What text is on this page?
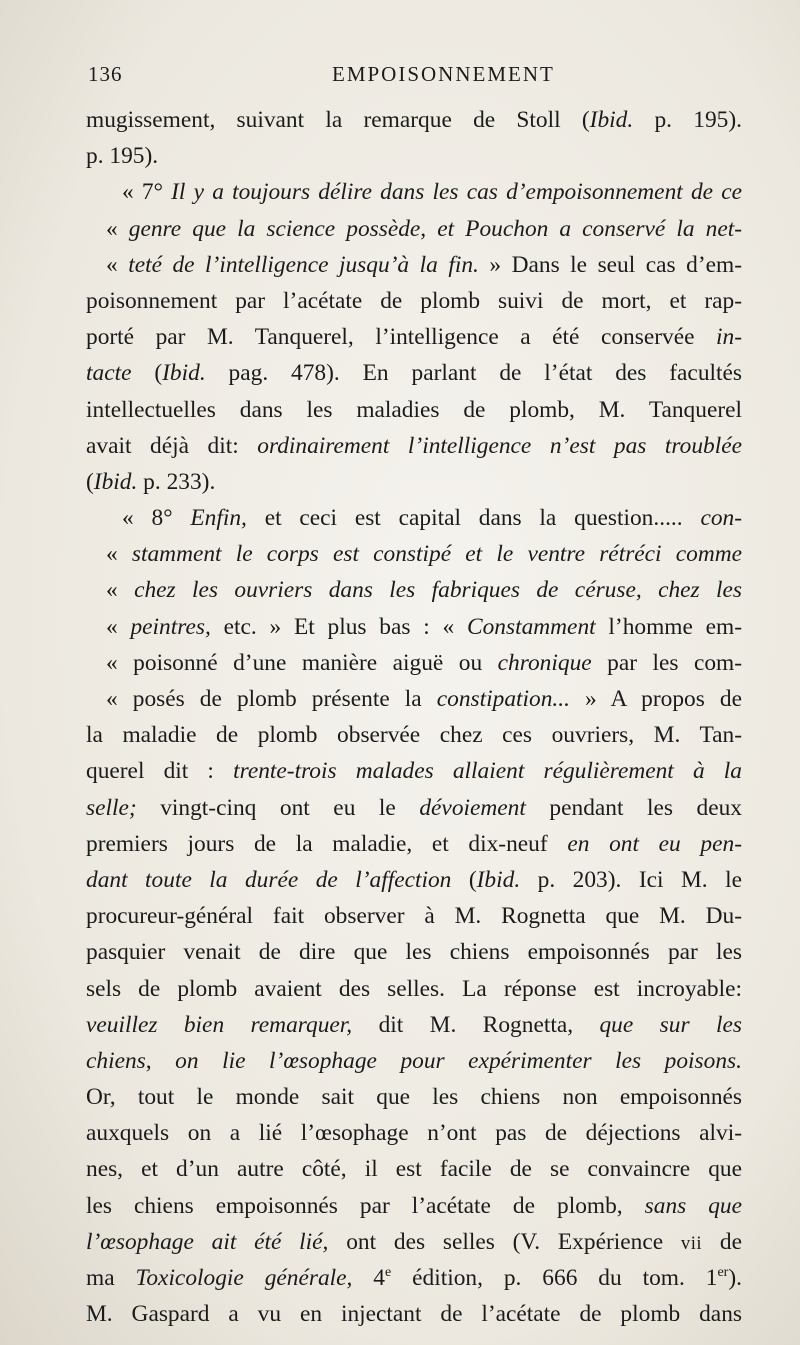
136	EMPOISONNEMENT
mugissement, suivant la remarque de Stoll (Ibid. p. 195).
p. 195).
« 7° Il y a toujours délire dans les cas d’empoisonnement de ce
« genre que la science possède, et Pouchon a conservé la net-
« teté de l’intelligence jusqu’à la fin. » Dans le seul cas d’em-
poisonnement par l’acétate de plomb suivi de mort, et rap-
porté par M. Tanquerel, l’intelligence a été conservée in-
tacte (Ibid. pag. 478). En parlant de l’état des facultés
intellectuelles dans les maladies de plomb, M. Tanquerel
avait déjà dit: ordinairement l’intelligence n’est pas troublée
(Ibid. p. 233).
« 8° Enfin, et ceci est capital dans la question..... con-
« stamment le corps est constipé et le ventre rétréci comme
« chez les ouvriers dans les fabriques de céruse, chez les
« peintres, etc. » Et plus bas : « Constamment l’homme em-
« poisonné d’une manière aiguë ou chronique par les com-
« posés de plomb présente la constipation... » A propos de
la maladie de plomb observée chez ces ouvriers, M. Tan-
querel dit : trente-trois malades allaient régulièrement à la
selle; vingt-cinq ont eu le dévoiement pendant les deux
premiers jours de la maladie, et dix-neuf en ont eu pen-
dant toute la durée de l’affection (Ibid. p. 203). Ici M. le
procureur-général fait observer à M. Rognetta que M. Du-
pasquier venait de dire que les chiens empoisonnés par les
sels de plomb avaient des selles. La réponse est incroyable:
veuillez bien remarquer, dit M. Rognetta, que sur les
chiens, on lie l’œsophage pour expérimenter les poisons.
Or, tout le monde sait que les chiens non empoisonnés
auxquels on a lié l’œsophage n’ont pas de déjections alvi-
nes, et d’un autre côté, il est facile de se convaincre que
les chiens empoisonnés par l’acétate de plomb, sans que
l’œsophage ait été lié, ont des selles (V. Expérience vii de
ma Toxicologie générale, 4e édition, p. 666 du tom. 1er).
M. Gaspard a vu en injectant de l’acétate de plomb dans
